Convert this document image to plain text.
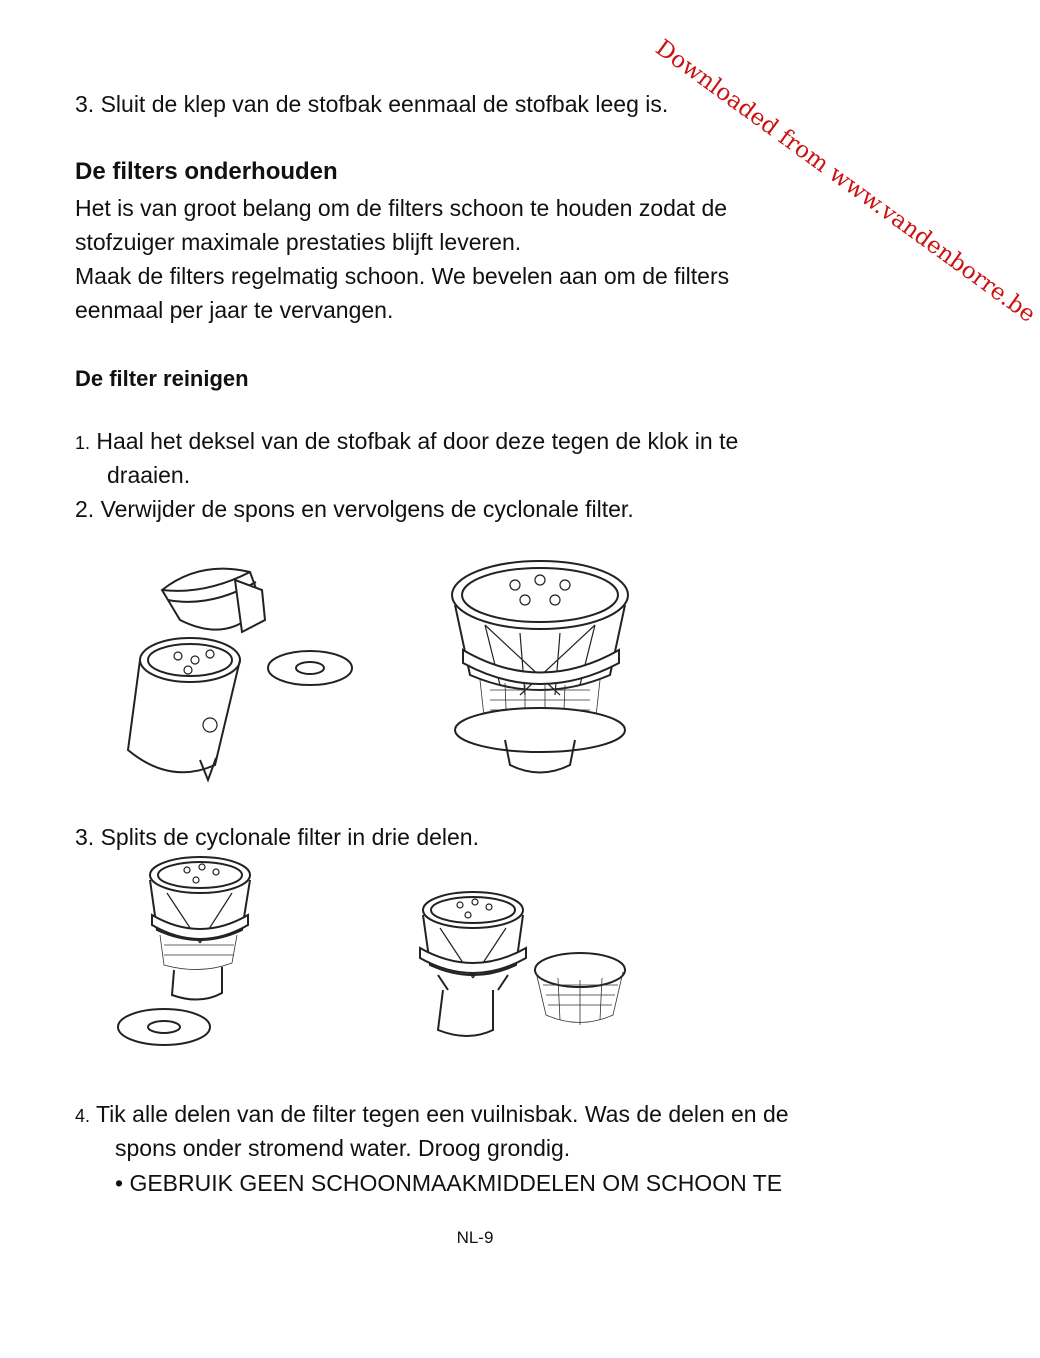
Downloaded from www.vandenborre.be
3. Sluit de klep van de stofbak eenmaal de stofbak leeg is.
De filters onderhouden
Het is van groot belang om de filters schoon te houden zodat de
stofzuiger maximale prestaties blijft leveren.
Maak de filters regelmatig schoon. We bevelen aan om de filters
eenmaal per jaar te vervangen.
De filter reinigen
1. Haal het deksel van de stofbak af door deze tegen de klok in te
draaien.
2. Verwijder de spons en vervolgens de cyclonale filter.
3. Splits de cyclonale filter in drie delen.
4. Tik alle delen van de filter tegen een vuilnisbak. Was de delen en de
spons onder stromend water. Droog grondig.
• GEBRUIK GEEN SCHOONMAAKMIDDELEN OM SCHOON TE
NL-9
